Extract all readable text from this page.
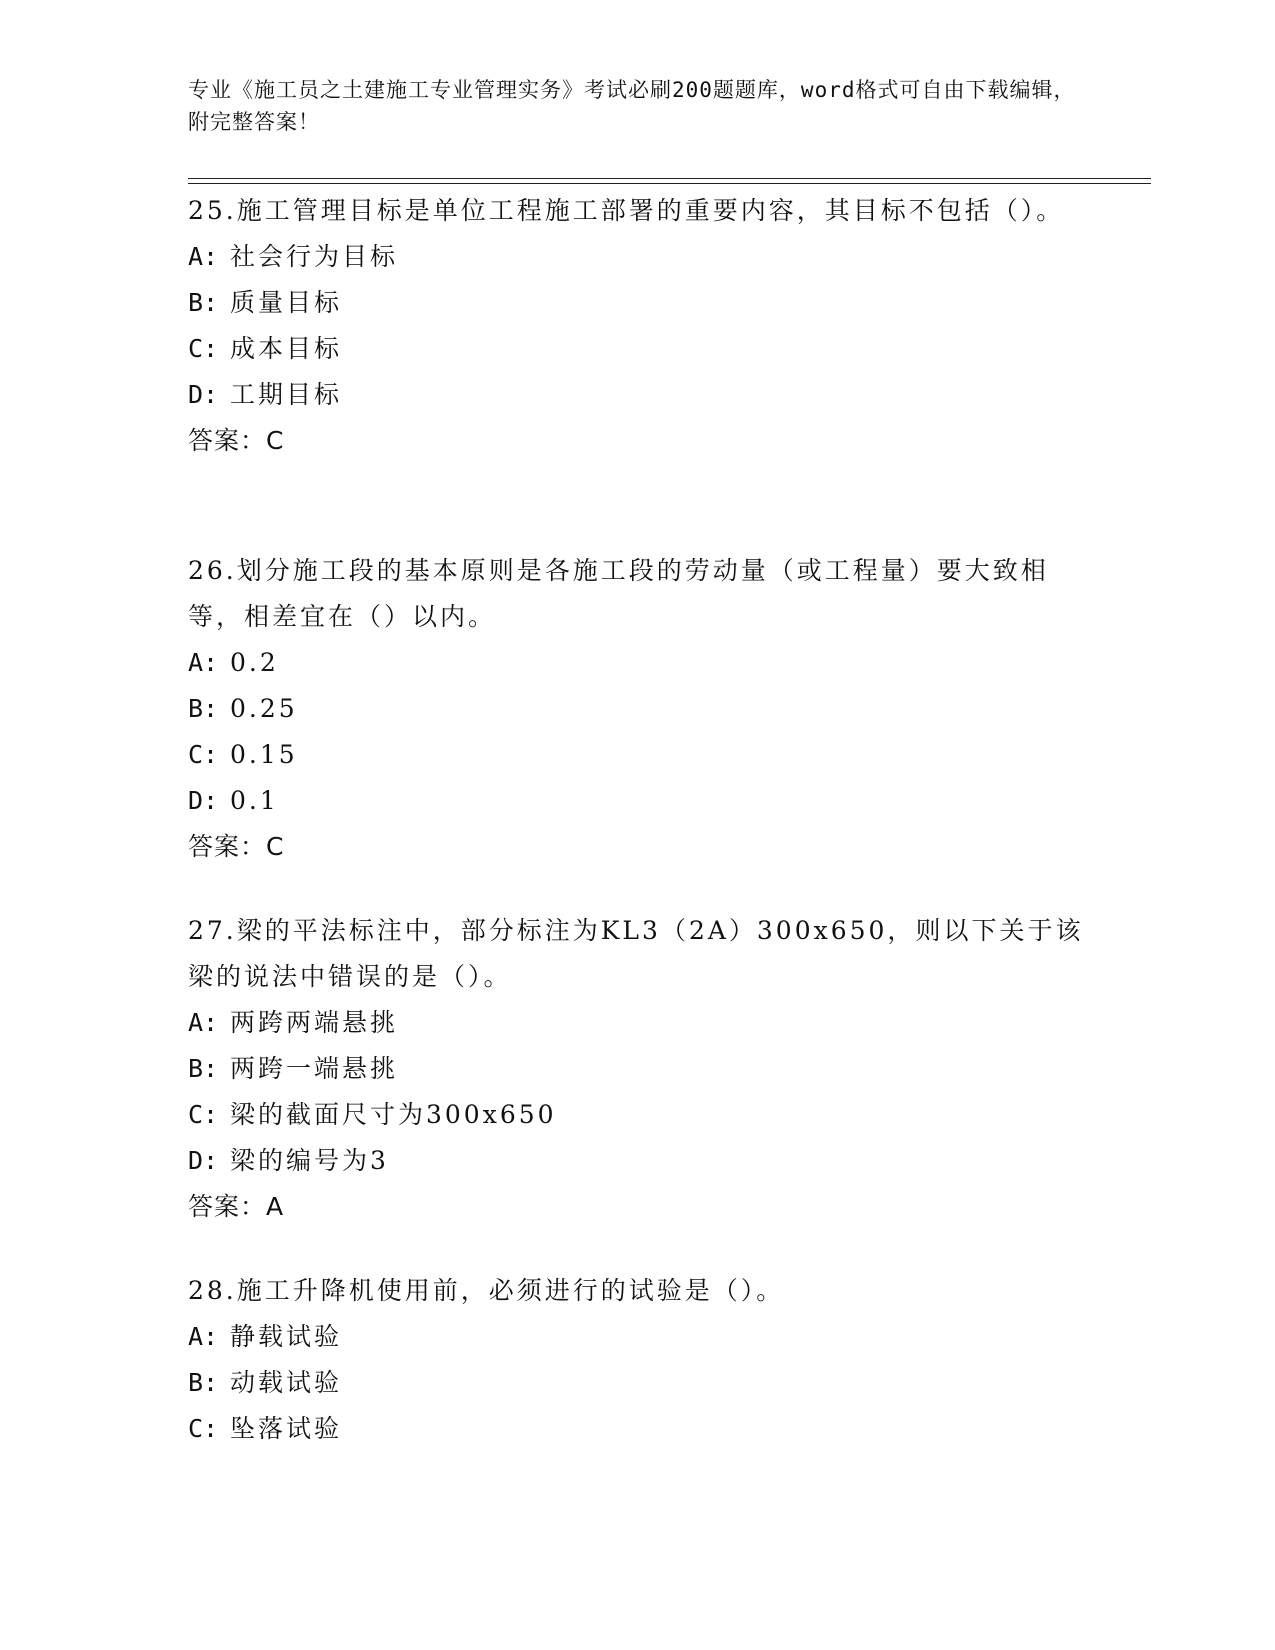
专业《施工员之土建施工专业管理实务》考试必刷200题题库，word格式可自由下载编辑，附完整答案！

25.施工管理目标是单位工程施工部署的重要内容，其目标不包括（）。

A: 社会行为目标
B: 质量目标
C: 成本目标
D: 工期目标
答案：C

26.划分施工段的基本原则是各施工段的劳动量（或工程量）要大致相等，相差宜在（）以内。

A: 0.2
B: 0.25
C: 0.15
D: 0.1
答案：C

27.梁的平法标注中，部分标注为KL3（2A）300x650，则以下关于该梁的说法中错误的是（）。

A: 两跨两端悬挑
B: 两跨一端悬挑
C: 梁的截面尺寸为300x650
D: 梁的编号为3
答案：A

28.施工升降机使用前，必须进行的试验是（）。

A: 静载试验
B: 动载试验
C: 坠落试验
